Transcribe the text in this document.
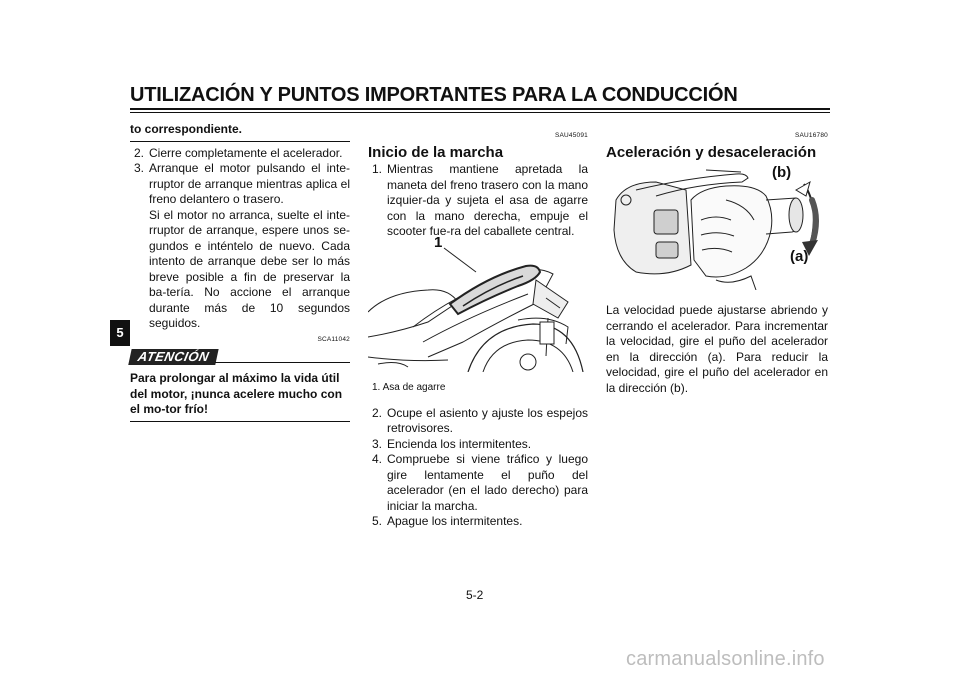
UTILIZACIÓN Y PUNTOS IMPORTANTES PARA LA CONDUCCIÓN
5

to correspondiente.

2. Cierre completamente el acelerador.
3. Arranque el motor pulsando el inte-rruptor de arranque mientras aplica el freno delantero o trasero.
Si el motor no arranca, suelte el inte-rruptor de arranque, espere unos se-gundos e inténtelo de nuevo. Cada intento de arranque debe ser lo más breve posible a fin de preservar la ba-tería. No accione el arranque durante más de 10 segundos seguidos.
SCA11042
ATENCIÓN
Para prolongar al máximo la vida útil del motor, ¡nunca acelere mucho con el mo-tor frío!
SAU45091
Inicio de la marcha
1. Mientras mantiene apretada la maneta del freno trasero con la mano izquier-da y sujeta el asa de agarre con la mano derecha, empuje el scooter fue-ra del caballete central.
1
1. Asa de agarre
2. Ocupe el asiento y ajuste los espejos retrovisores.
3. Encienda los intermitentes.
4. Compruebe si viene tráfico y luego gire lentamente el puño del acelerador (en el lado derecho) para iniciar la marcha.
5. Apague los intermitentes.
SAU16780
Aceleración y desaceleración
(b)
(a)
La velocidad puede ajustarse abriendo y cerrando el acelerador. Para incrementar la velocidad, gire el puño del acelerador en la dirección (a). Para reducir la velocidad, gire el puño del acelerador en la dirección (b).
5-2
carmanualsonline.info
